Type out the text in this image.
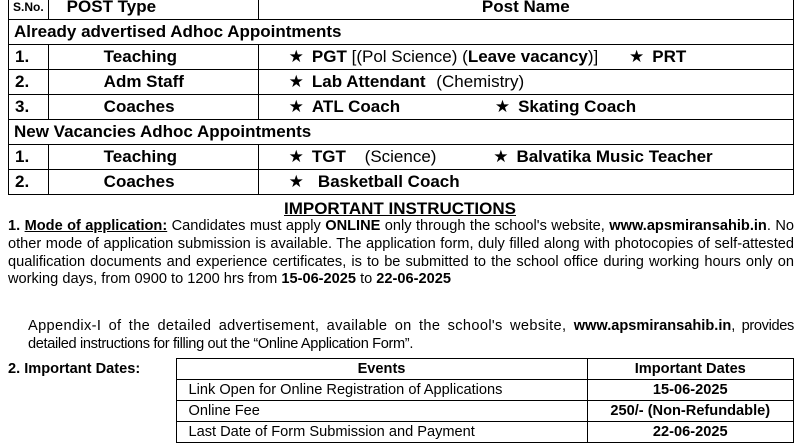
S.No.	POST Type	Post Name
Already advertised Adhoc Appointments		
1.	Teaching	★ PGT [(Pol Science) (Leave vacancy)] ★ PRT
2.	Adm Staff	★ Lab Attendant (Chemistry)
3.	Coaches	★ ATL Coach ★ Skating Coach
New Vacancies Adhoc Appointments		
1.	Teaching	★ TGT (Science) ★ Balvatika Music Teacher
2.	Coaches	★ Basketball Coach
IMPORTANT INSTRUCTIONS
1. Mode of application: Candidates must apply ONLINE only through the school's website, www.apsmiransahib.in. No other mode of application submission is available. The application form, duly filled along with photocopies of self-attested qualification documents and experience certificates, is to be submitted to the school office during working hours only on working days, from 0900 to 1200 hrs from 15-06-2025 to 22-06-2025
Appendix-I of the detailed advertisement, available on the school's website, www.apsmiransahib.in, provides detailed instructions for filling out the “Online Application Form”.
2. Important Dates:	Events	Important Dates
	Link Open for Online Registration of Applications	15-06-2025
	Online Fee	250/- (Non-Refundable)
	Last Date of Form Submission and Payment	22-06-2025
